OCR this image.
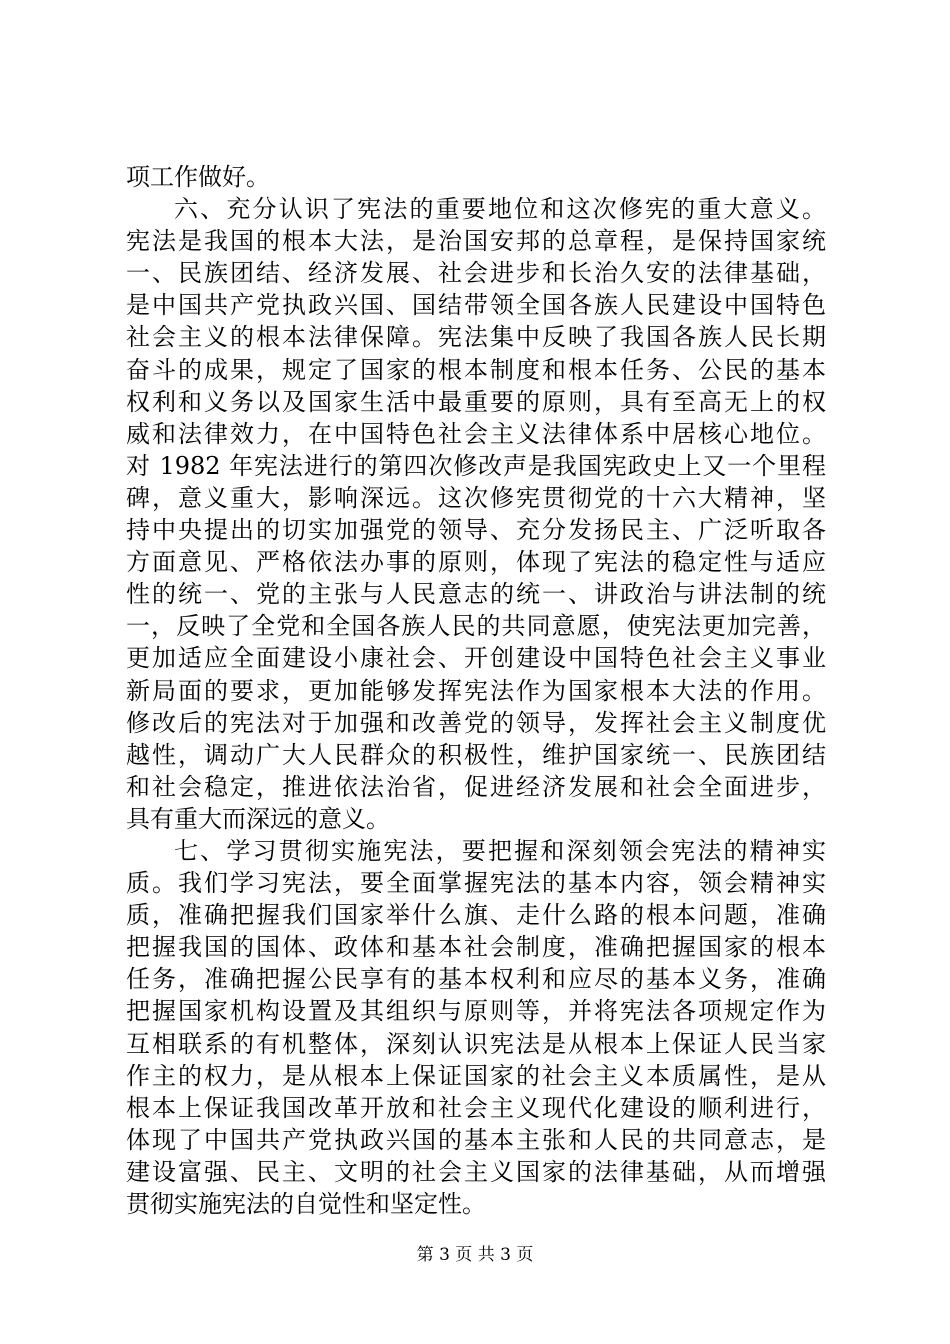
项工作做好。
六、充分认识了宪法的重要地位和这次修宪的重大意义。
宪法是我国的根本大法，是治国安邦的总章程，是保持国家统
一、民族团结、经济发展、社会进步和长治久安的法律基础，
是中国共产党执政兴国、国结带领全国各族人民建设中国特色
社会主义的根本法律保障。宪法集中反映了我国各族人民长期
奋斗的成果，规定了国家的根本制度和根本任务、公民的基本
权利和义务以及国家生活中最重要的原则，具有至高无上的权
威和法律效力，在中国特色社会主义法律体系中居核心地位。
对 1982 年宪法进行的第四次修改声是我国宪政史上又一个里程
碑，意义重大，影响深远。这次修宪贯彻党的十六大精神，坚
持中央提出的切实加强党的领导、充分发扬民主、广泛听取各
方面意见、严格依法办事的原则，体现了宪法的稳定性与适应
性的统一、党的主张与人民意志的统一、讲政治与讲法制的统
一，反映了全党和全国各族人民的共同意愿，使宪法更加完善，
更加适应全面建设小康社会、开创建设中国特色社会主义事业
新局面的要求，更加能够发挥宪法作为国家根本大法的作用。
修改后的宪法对于加强和改善党的领导，发挥社会主义制度优
越性，调动广大人民群众的积极性，维护国家统一、民族团结
和社会稳定，推进依法治省，促进经济发展和社会全面进步，
具有重大而深远的意义。
七、学习贯彻实施宪法，要把握和深刻领会宪法的精神实
质。我们学习宪法，要全面掌握宪法的基本内容，领会精神实
质，准确把握我们国家举什么旗、走什么路的根本问题，准确
把握我国的国体、政体和基本社会制度，准确把握国家的根本
任务，准确把握公民享有的基本权利和应尽的基本义务，准确
把握国家机构设置及其组织与原则等，并将宪法各项规定作为
互相联系的有机整体，深刻认识宪法是从根本上保证人民当家
作主的权力，是从根本上保证国家的社会主义本质属性，是从
根本上保证我国改革开放和社会主义现代化建设的顺利进行，
体现了中国共产党执政兴国的基本主张和人民的共同意志，是
建设富强、民主、文明的社会主义国家的法律基础，从而增强
贯彻实施宪法的自觉性和坚定性。
第 3 页 共 3 页
